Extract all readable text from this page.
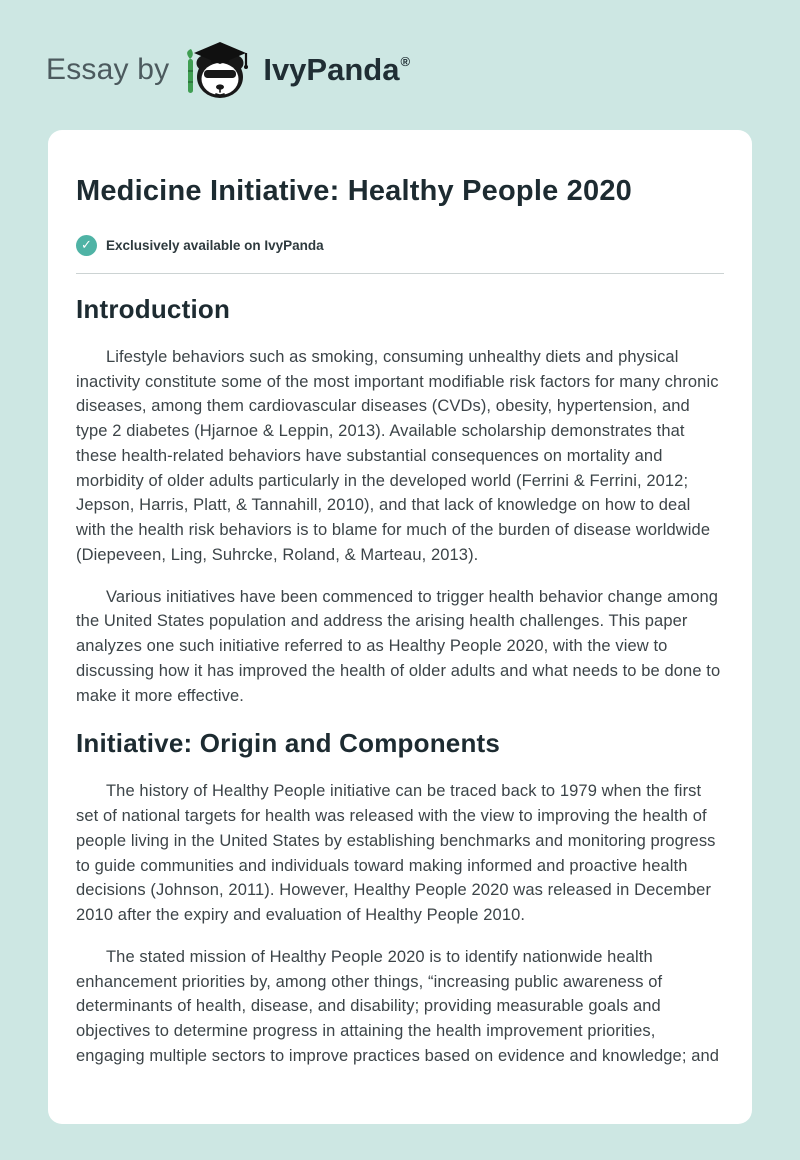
Essay by	IvyPanda ®
Medicine Initiative: Healthy People 2020
✓	Exclusively available on IvyPanda
Introduction

Lifestyle behaviors such as smoking, consuming unhealthy diets and physical inactivity constitute some of the most important modifiable risk factors for many chronic diseases, among them cardiovascular diseases (CVDs), obesity, hypertension, and type 2 diabetes (Hjarnoe & Leppin, 2013). Available scholarship demonstrates that these health-related behaviors have substantial consequences on mortality and morbidity of older adults particularly in the developed world (Ferrini & Ferrini, 2012; Jepson, Harris, Platt, & Tannahill, 2010), and that lack of knowledge on how to deal with the health risk behaviors is to blame for much of the burden of disease worldwide (Diepeveen, Ling, Suhrcke, Roland, & Marteau, 2013).

Various initiatives have been commenced to trigger health behavior change among the United States population and address the arising health challenges. This paper analyzes one such initiative referred to as Healthy People 2020, with the view to discussing how it has improved the health of older adults and what needs to be done to make it more effective.

Initiative: Origin and Components

The history of Healthy People initiative can be traced back to 1979 when the first set of national targets for health was released with the view to improving the health of people living in the United States by establishing benchmarks and monitoring progress to guide communities and individuals toward making informed and proactive health decisions (Johnson, 2011). However, Healthy People 2020 was released in December 2010 after the expiry and evaluation of Healthy People 2010.

The stated mission of Healthy People 2020 is to identify nationwide health enhancement priorities by, among other things, “increasing public awareness of determinants of health, disease, and disability; providing measurable goals and objectives to determine progress in attaining the health improvement priorities, engaging multiple sectors to improve practices based on evidence and knowledge; and
